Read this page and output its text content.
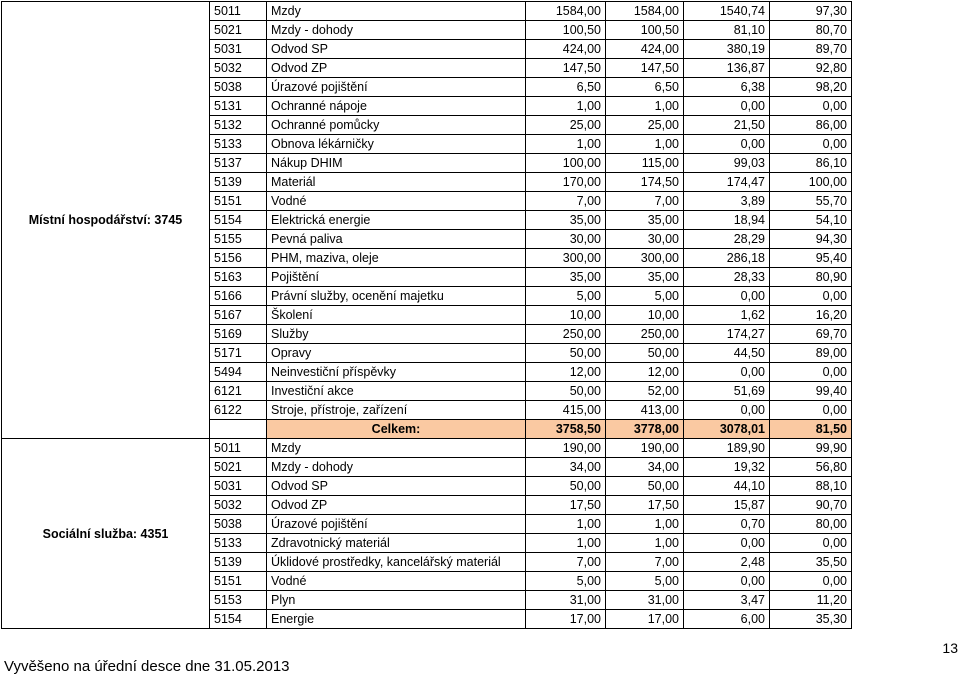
Místní hospodářství: 3745	5011	Mzdy	1584,00	1584,00	1540,74	97,30
	5021	Mzdy - dohody	100,50	100,50	81,10	80,70
	5031	Odvod SP	424,00	424,00	380,19	89,70
	5032	Odvod ZP	147,50	147,50	136,87	92,80
	5038	Úrazové pojištění	6,50	6,50	6,38	98,20
	5131	Ochranné nápoje	1,00	1,00	0,00	0,00
	5132	Ochranné pomůcky	25,00	25,00	21,50	86,00
	5133	Obnova lékárničky	1,00	1,00	0,00	0,00
	5137	Nákup DHIM	100,00	115,00	99,03	86,10
	5139	Materiál	170,00	174,50	174,47	100,00
	5151	Vodné	7,00	7,00	3,89	55,70
	5154	Elektrická energie	35,00	35,00	18,94	54,10
	5155	Pevná paliva	30,00	30,00	28,29	94,30
	5156	PHM, maziva, oleje	300,00	300,00	286,18	95,40
	5163	Pojištění	35,00	35,00	28,33	80,90
	5166	Právní služby, ocenění majetku	5,00	5,00	0,00	0,00
	5167	Školení	10,00	10,00	1,62	16,20
	5169	Služby	250,00	250,00	174,27	69,70
	5171	Opravy	50,00	50,00	44,50	89,00
	5494	Neinvestiční příspěvky	12,00	12,00	0,00	0,00
	6121	Investiční akce	50,00	52,00	51,69	99,40
	6122	Stroje, přístroje, zařízení	415,00	413,00	0,00	0,00
		Celkem:	3758,50	3778,00	3078,01	81,50
Sociální služba: 4351	5011	Mzdy	190,00	190,00	189,90	99,90
	5021	Mzdy - dohody	34,00	34,00	19,32	56,80
	5031	Odvod SP	50,00	50,00	44,10	88,10
	5032	Odvod ZP	17,50	17,50	15,87	90,70
	5038	Úrazové pojištění	1,00	1,00	0,70	80,00
	5133	Zdravotnický materiál	1,00	1,00	0,00	0,00
	5139	Úklidové prostředky, kancelářský materiál	7,00	7,00	2,48	35,50
	5151	Vodné	5,00	5,00	0,00	0,00
	5153	Plyn	31,00	31,00	3,47	11,20
	5154	Energie	17,00	17,00	6,00	35,30
Vyvěšeno na úřední desce dne 31.05.2013
13
